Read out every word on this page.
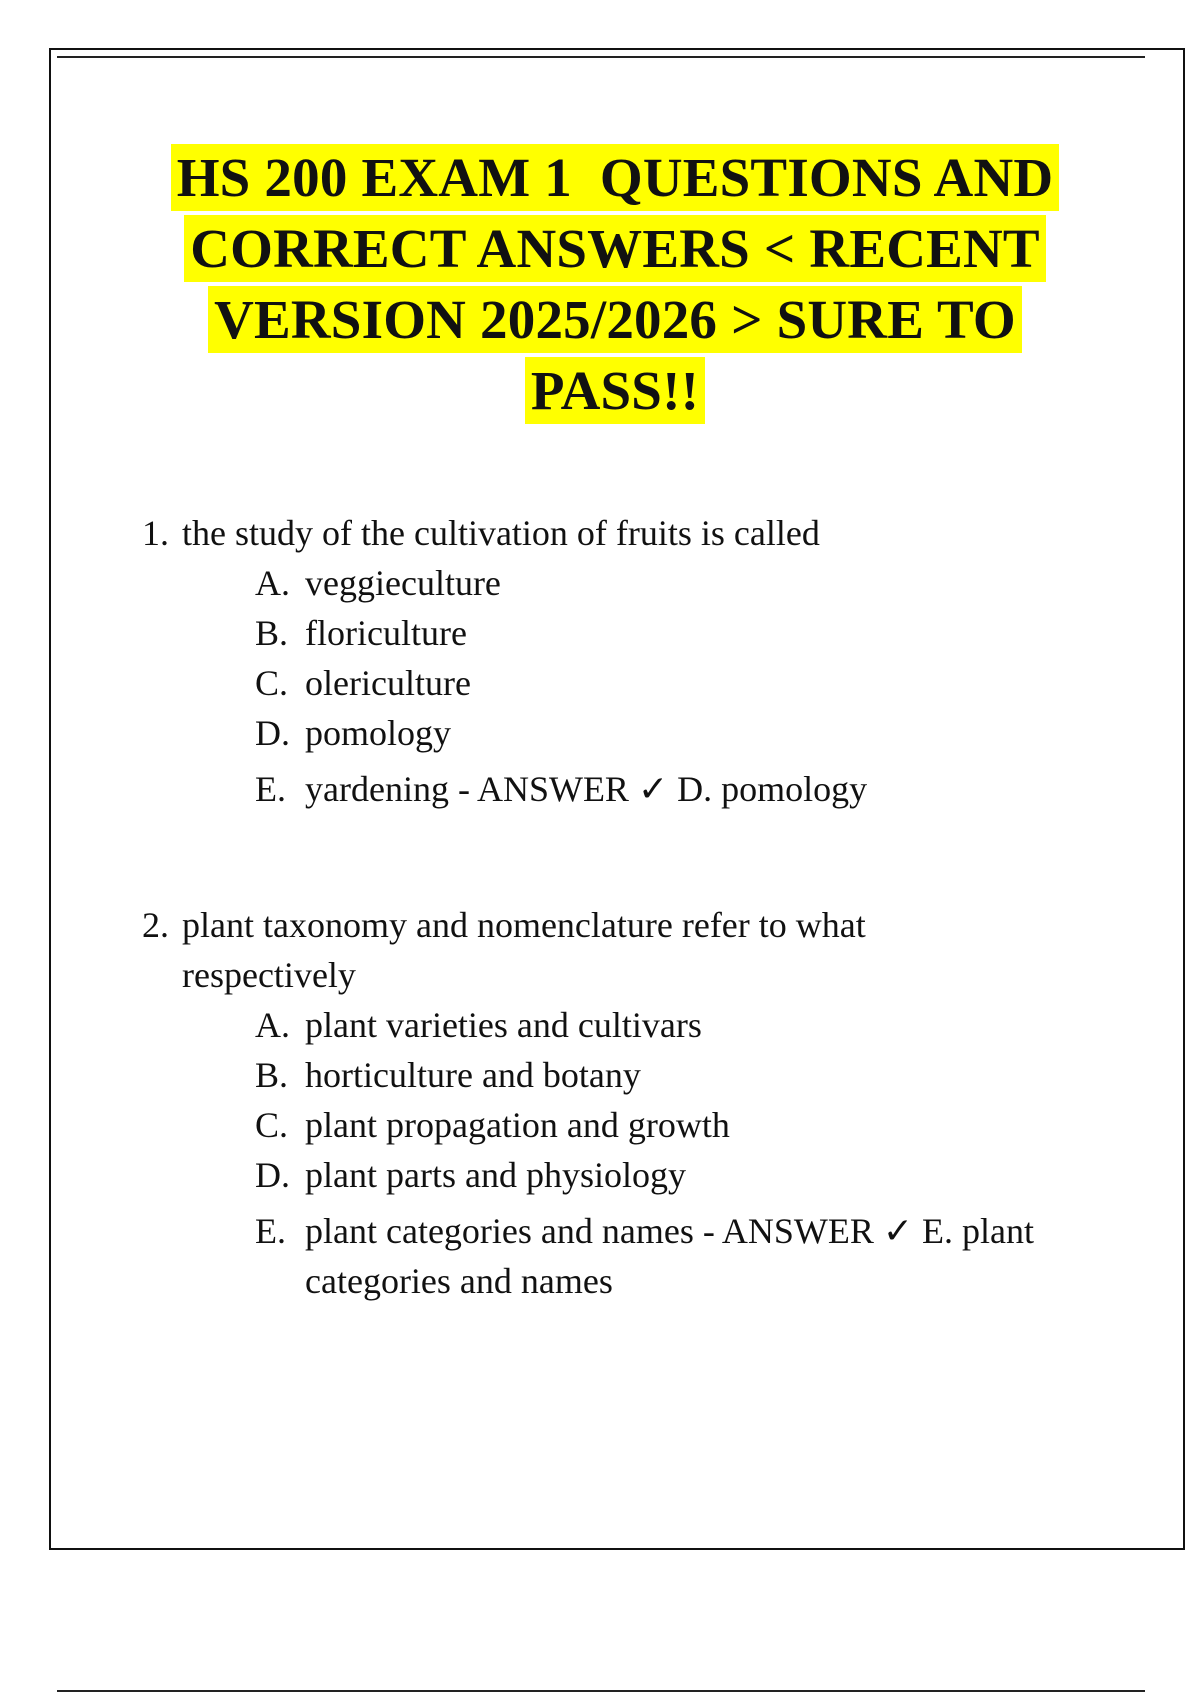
HS 200 EXAM 1  QUESTIONS AND
CORRECT ANSWERS < RECENT
VERSION 2025/2026 > SURE TO
PASS!!
1. the study of the cultivation of fruits is called
A. veggieculture
B. floriculture
C. olericulture
D. pomology
E. yardening - ANSWER ✓ D. pomology
2. plant taxonomy and nomenclature refer to what respectively
A. plant varieties and cultivars
B. horticulture and botany
C. plant propagation and growth
D. plant parts and physiology
E. plant categories and names - ANSWER ✓ E. plant categories and names
